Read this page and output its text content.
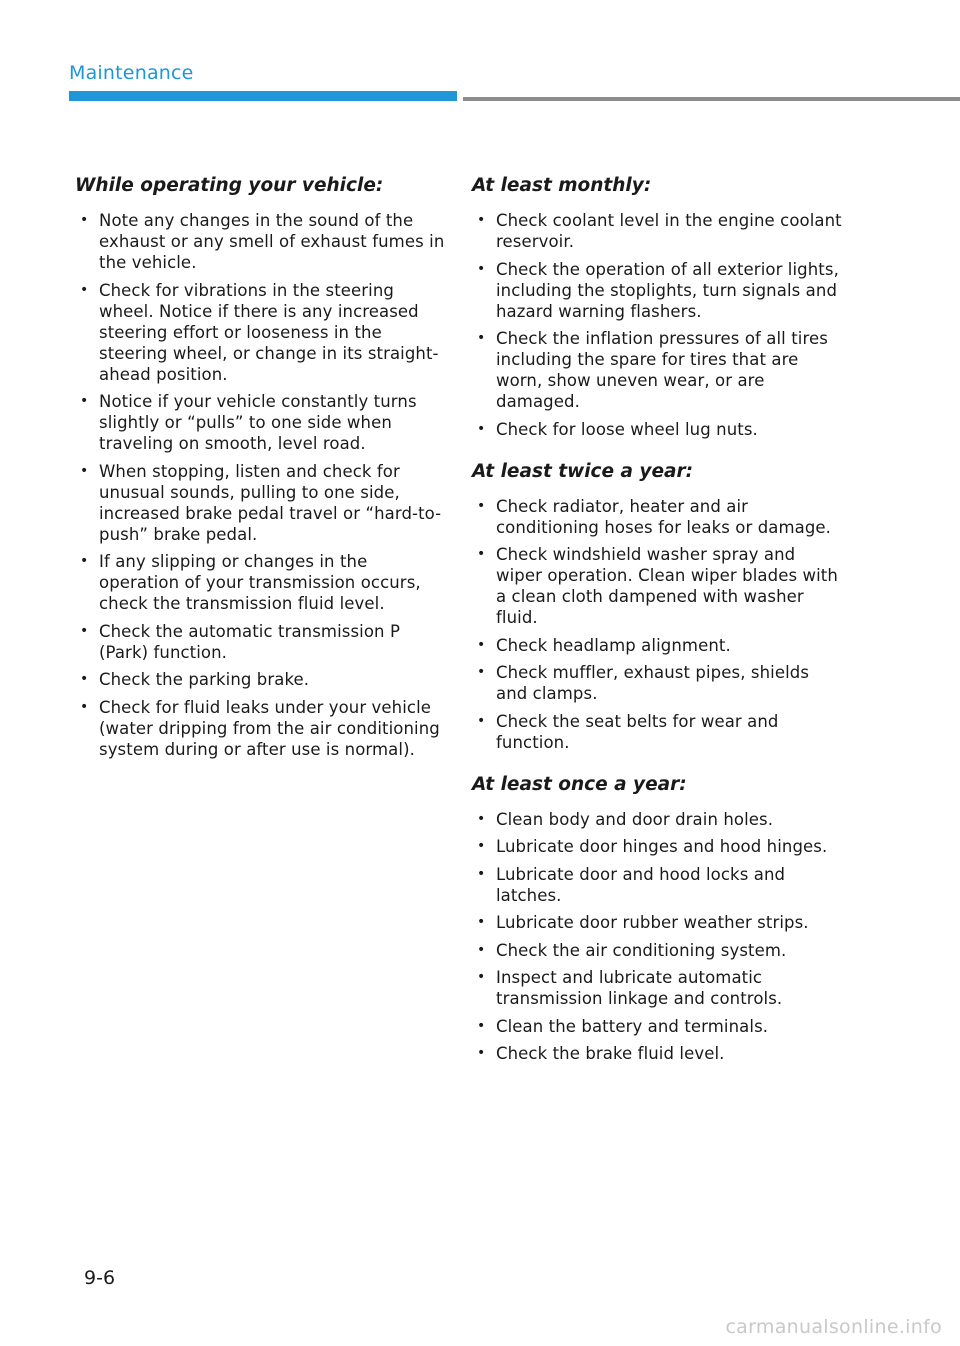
Maintenance
While operating your vehicle:
• Note any changes in the sound of the exhaust or any smell of exhaust fumes in the vehicle.
• Check for vibrations in the steering wheel. Notice if there is any increased steering effort or looseness in the steering wheel, or change in its straight-ahead position.
• Notice if your vehicle constantly turns slightly or “pulls” to one side when traveling on smooth, level road.
• When stopping, listen and check for unusual sounds, pulling to one side, increased brake pedal travel or “hard-to-push” brake pedal.
• If any slipping or changes in the operation of your transmission occurs, check the transmission fluid level.
• Check the automatic transmission P (Park) function.
• Check the parking brake.
• Check for fluid leaks under your vehicle (water dripping from the air conditioning system during or after use is normal).
At least monthly:
• Check coolant level in the engine coolant reservoir.
• Check the operation of all exterior lights, including the stoplights, turn signals and hazard warning flashers.
• Check the inflation pressures of all tires including the spare for tires that are worn, show uneven wear, or are damaged.
• Check for loose wheel lug nuts.
At least twice a year:
• Check radiator, heater and air conditioning hoses for leaks or damage.
• Check windshield washer spray and wiper operation. Clean wiper blades with a clean cloth dampened with washer fluid.
• Check headlamp alignment.
• Check muffler, exhaust pipes, shields and clamps.
• Check the seat belts for wear and function.
At least once a year:
• Clean body and door drain holes.
• Lubricate door hinges and hood hinges.
• Lubricate door and hood locks and latches.
• Lubricate door rubber weather strips.
• Check the air conditioning system.
• Inspect and lubricate automatic transmission linkage and controls.
• Clean the battery and terminals.
• Check the brake fluid level.
9-6
carmanualsonline.info
